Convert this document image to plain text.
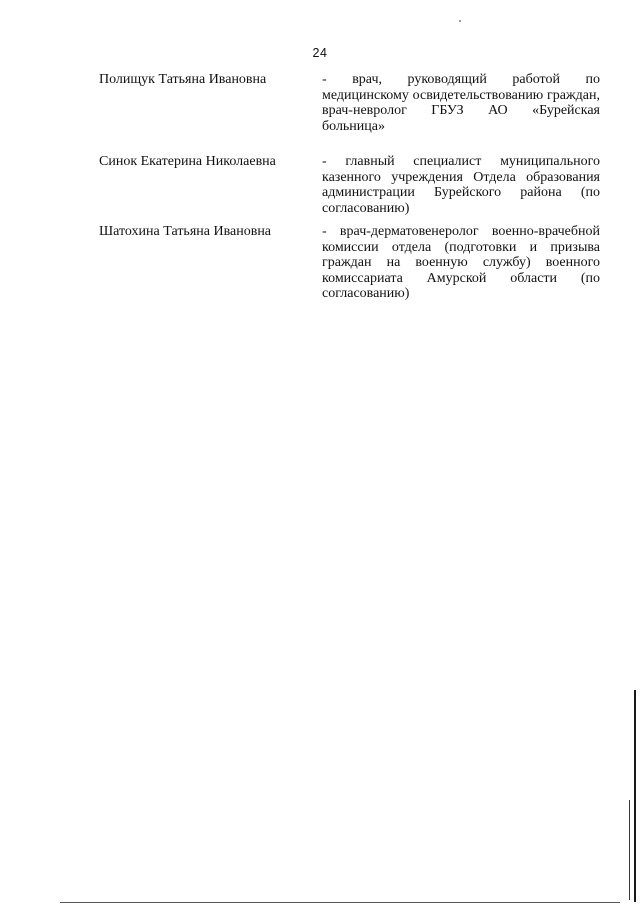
24
Полищук Татьяна Ивановна	- врач, руководящий работой по медицинскому освидетельствованию граждан, врач-невролог ГБУЗ АО «Бурейская больница»
Синок Екатерина Николаевна	- главный специалист муниципального казенного учреждения Отдела образования администрации Бурейского района (по согласованию)
Шатохина Татьяна Ивановна	- врач-дерматовенеролог военно-врачебной комиссии отдела (подготовки и призыва граждан на военную службу) военного комиссариата Амурской области (по согласованию)
